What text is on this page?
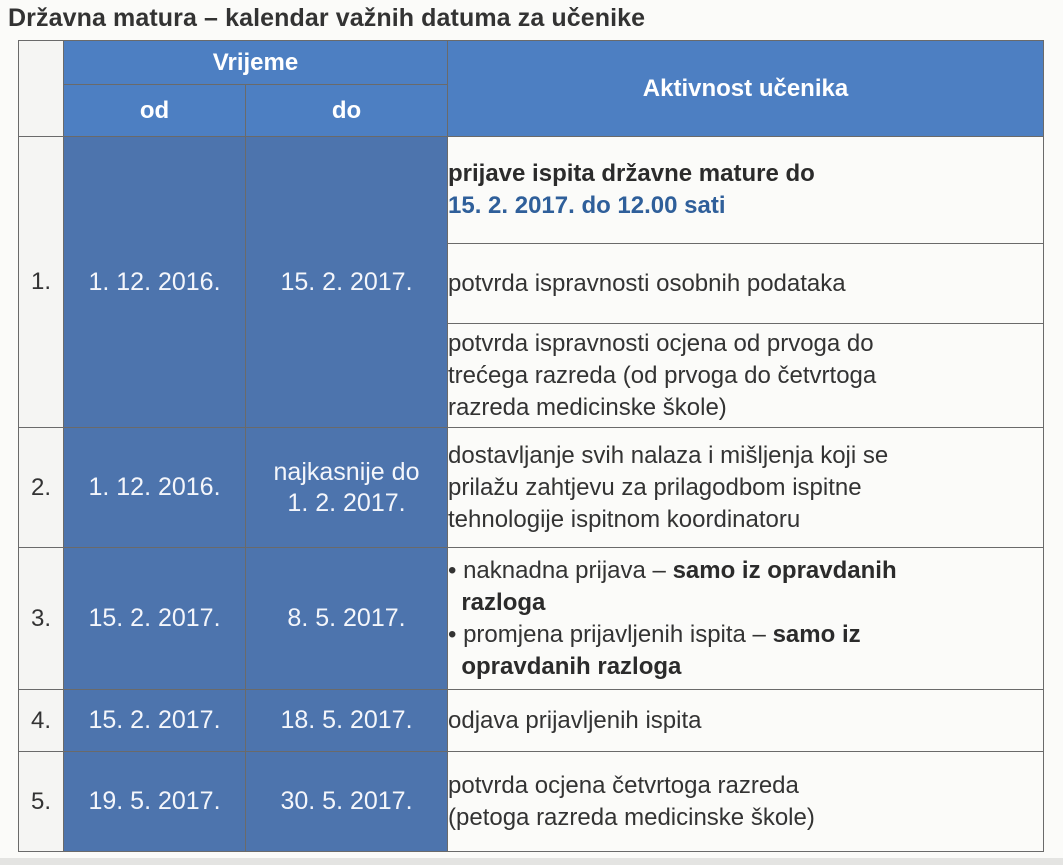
Državna matura – kalendar važnih datuma za učenike
	Vrijeme		Aktivnost učenika
	od	do	
1.	1. 12. 2016.	15. 2. 2017.	prijave ispita državne mature do
15. 2. 2017. do 12.00 sati
			potvrda ispravnosti osobnih podataka
			potvrda ispravnosti ocjena od prvoga do
trećega razreda (od prvoga do četvrtoga
razreda medicinske škole)
2.	1. 12. 2016.	najkasnije do
1. 2. 2017.	dostavljanje svih nalaza i mišljenja koji se
prilažu zahtjevu za prilagodbom ispitne
tehnologije ispitnom koordinatoru
3.	15. 2. 2017.	8. 5. 2017.	• naknadna prijava – samo iz opravdanih
razloga
• promjena prijavljenih ispita – samo iz
opravdanih razloga

4.	15. 2. 2017.	18. 5. 2017.	odjava prijavljenih ispita
5.	19. 5. 2017.	30. 5. 2017.	potvrda ocjena četvrtoga razreda
(petoga razreda medicinske škole)
